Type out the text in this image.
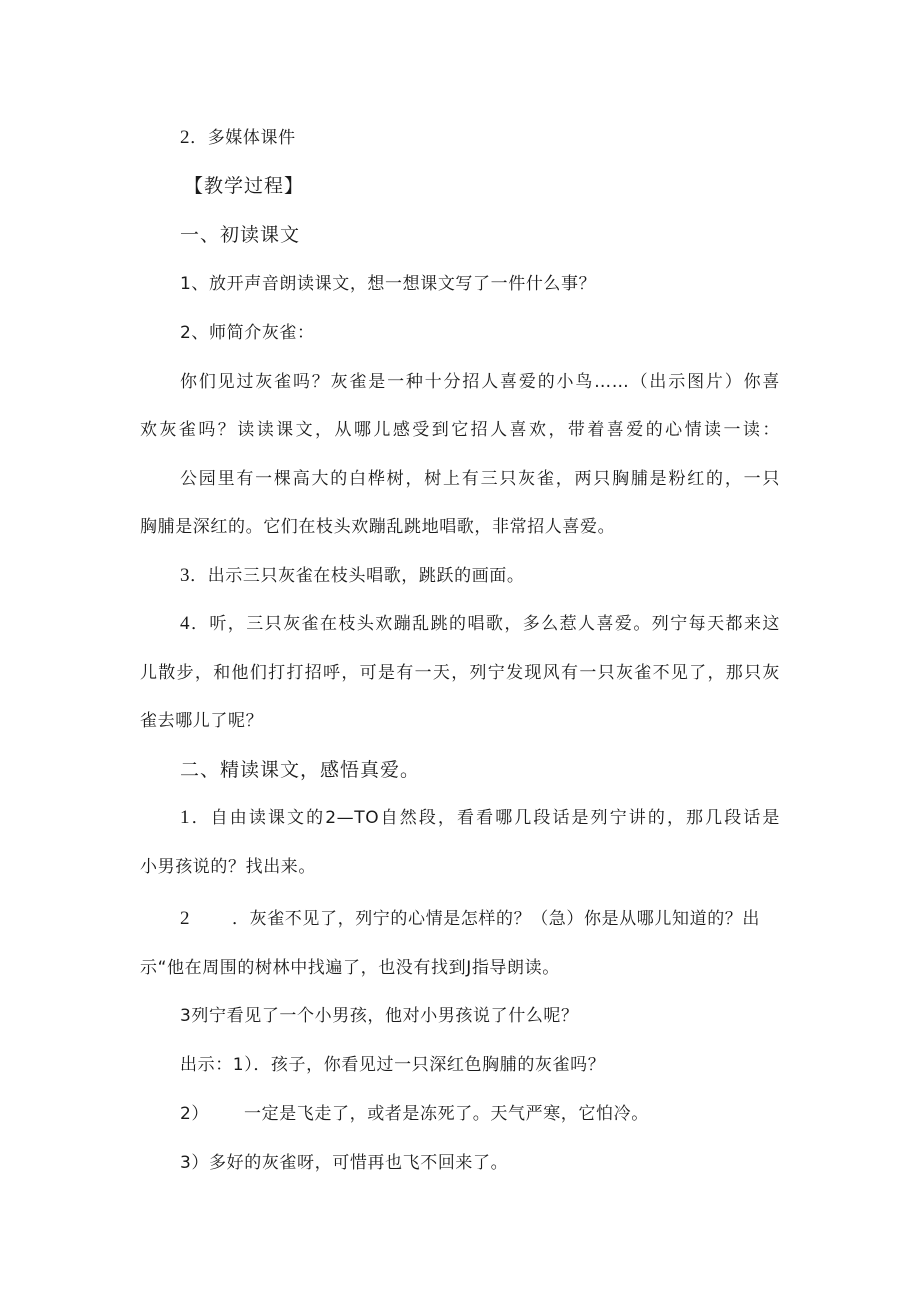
2．多媒体课件

【教学过程】

一、初读课文

1、放开声音朗读课文，想一想课文写了一件什么事？

2、师简介灰雀：

你们见过灰雀吗？灰雀是一种十分招人喜爱的小鸟……（出示图片）你喜

欢灰雀吗？读读课文，从哪儿感受到它招人喜欢，带着喜爱的心情读一读：

公园里有一棵高大的白桦树，树上有三只灰雀，两只胸脯是粉红的，一只

胸脯是深红的。它们在枝头欢蹦乱跳地唱歌，非常招人喜爱。

3．出示三只灰雀在枝头唱歌，跳跃的画面。

4．听，三只灰雀在枝头欢蹦乱跳的唱歌，多么惹人喜爱。列宁每天都来这

儿散步，和他们打打招呼，可是有一天，列宁发现风有一只灰雀不见了，那只灰

雀去哪儿了呢？

二、精读课文，感悟真爱。

1．自由读课文的2—TO自然段，看看哪几段话是列宁讲的，那几段话是

小男孩说的？找出来。

2 ．灰雀不见了，列宁的心情是怎样的？（急）你是从哪儿知道的？出

示“他在周围的树林中找遍了，也没有找到J指导朗读。

3列宁看见了一个小男孩，他对小男孩说了什么呢？

出示：1）．孩子，你看见过一只深红色胸脯的灰雀吗？

2） 一定是飞走了，或者是冻死了。天气严寒，它怕冷。

3）多好的灰雀呀，可惜再也飞不回来了。
